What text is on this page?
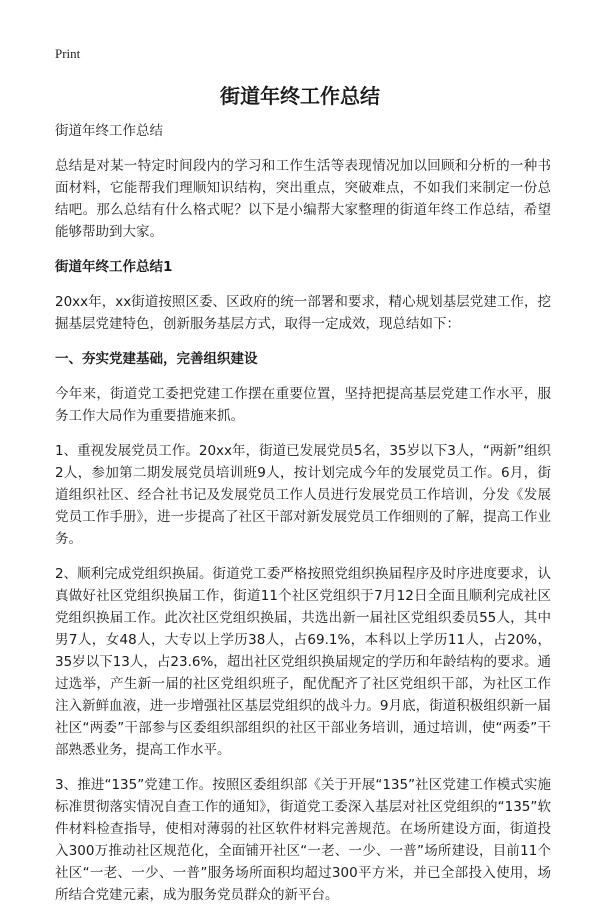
Print
街道年终工作总结

街道年终工作总结

总结是对某一特定时间段内的学习和工作生活等表现情况加以回顾和分析的一种书面材料，它能帮我们理顺知识结构，突出重点，突破难点，不如我们来制定一份总结吧。那么总结有什么格式呢？以下是小编帮大家整理的街道年终工作总结，希望能够帮助到大家。

街道年终工作总结1

20xx年，xx街道按照区委、区政府的统一部署和要求，精心规划基层党建工作，挖掘基层党建特色，创新服务基层方式，取得一定成效，现总结如下：

一、夯实党建基础，完善组织建设

今年来，街道党工委把党建工作摆在重要位置，坚持把提高基层党建工作水平，服务工作大局作为重要措施来抓。

1、重视发展党员工作。20xx年，街道已发展党员5名，35岁以下3人，“两新”组织2人，参加第二期发展党员培训班9人，按计划完成今年的发展党员工作。6月，街道组织社区、经合社书记及发展党员工作人员进行发展党员工作培训，分发《发展党员工作手册》，进一步提高了社区干部对新发展党员工作细则的了解，提高工作业务。

2、顺利完成党组织换届。街道党工委严格按照党组织换届程序及时序进度要求，认真做好社区党组织换届工作，街道11个社区党组织于7月12日全面且顺利完成社区党组织换届工作。此次社区党组织换届，共选出新一届社区党组织委员55人，其中男7人，女48人，大专以上学历38人，占69.1%，本科以上学历11人，占20%，35岁以下13人，占23.6%，超出社区党组织换届规定的学历和年龄结构的要求。通过选举，产生新一届的社区党组织班子，配优配齐了社区党组织干部，为社区工作注入新鲜血液，进一步增强社区基层党组织的战斗力。9月底，街道积极组织新一届社区“两委”干部参与区委组织部组织的社区干部业务培训，通过培训，使“两委”干部熟悉业务，提高工作水平。

3、推进“135”党建工作。按照区委组织部《关于开展“135”社区党建工作模式实施标准贯彻落实情况自查工作的通知》，街道党工委深入基层对社区党组织的“135”软件材料检查指导，使相对薄弱的社区软件材料完善规范。在场所建设方面，街道投入300万推动社区规范化，全面铺开社区“一老、一少、一普”场所建设，目前11个社区“一老、一少、一普”服务场所面积均超过300平方米，并已全部投入使用，场所结合党建元素，成为服务党员群众的新平台。
